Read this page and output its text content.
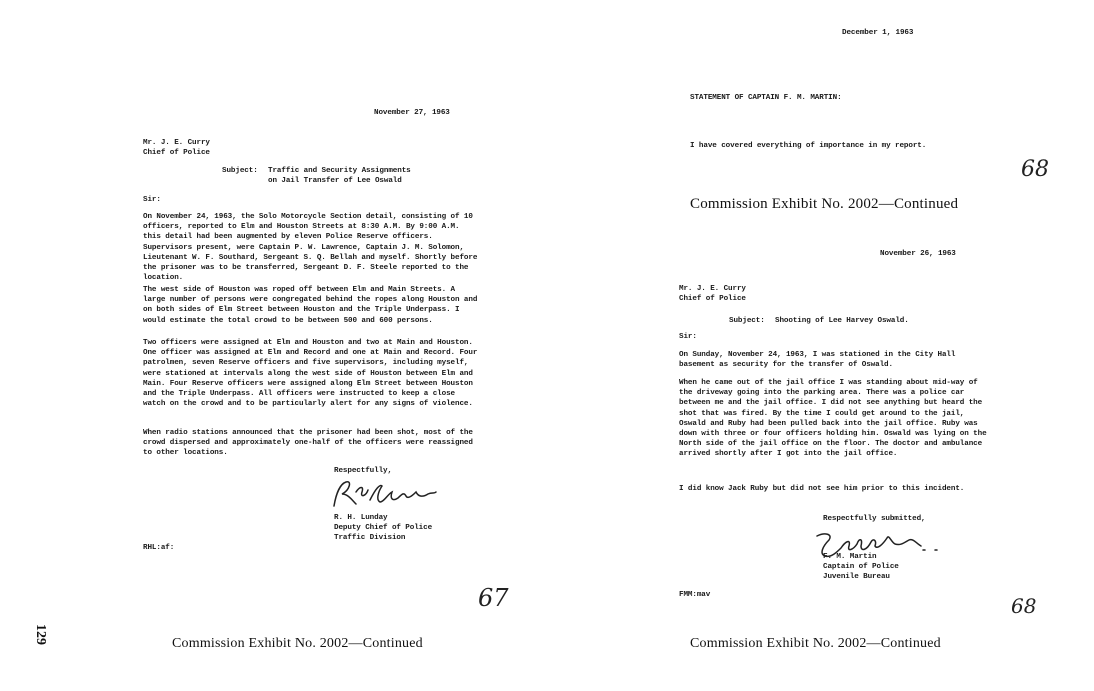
129
November 27, 1963
Mr. J. E. Curry
Chief of Police
Subject: Traffic and Security Assignments
on Jail Transfer of Lee Oswald
Sir:
On November 24, 1963, the Solo Motorcycle Section detail, consisting of 10 officers, reported to Elm and Houston Streets at 8:30 A.M. By 9:00 A.M. this detail had been augmented by eleven Police Reserve officers. Supervisors present, were Captain P. W. Lawrence, Captain J. M. Solomon, Lieutenant W. F. Southard, Sergeant S. Q. Bellah and myself. Shortly before the prisoner was to be transferred, Sergeant D. F. Steele reported to the location.
The west side of Houston was roped off between Elm and Main Streets. A large number of persons were congregated behind the ropes along Houston and on both sides of Elm Street between Houston and the Triple Underpass. I would estimate the total crowd to be between 500 and 600 persons.
Two officers were assigned at Elm and Houston and two at Main and Houston. One officer was assigned at Elm and Record and one at Main and Record. Four patrolmen, seven Reserve officers and five supervisors, including myself, were stationed at intervals along the west side of Houston between Elm and Main. Four Reserve officers were assigned along Elm Street between Houston and the Triple Underpass. All officers were instructed to keep a close watch on the crowd and to be particularly alert for any signs of violence.
When radio stations announced that the prisoner had been shot, most of the crowd dispersed and approximately one-half of the officers were reassigned to other locations.
Respectfully,
R. H. Lunday
Deputy Chief of Police
Traffic Division
RHL:af:
67
Commission Exhibit No. 2002—Continued
December 1, 1963
STATEMENT OF CAPTAIN F. M. MARTIN:
I have covered everything of importance in my report.
68
Commission Exhibit No. 2002—Continued
November 26, 1963
Mr. J. E. Curry
Chief of Police
Subject: Shooting of Lee Harvey Oswald.
Sir:
On Sunday, November 24, 1963, I was stationed in the City Hall basement as security for the transfer of Oswald.
When he came out of the jail office I was standing about mid-way of the driveway going into the parking area. There was a police car between me and the jail office. I did not see anything but heard the shot that was fired. By the time I could get around to the jail, Oswald and Ruby had been pulled back into the jail office. Ruby was down with three or four officers holding him. Oswald was lying on the North side of the jail office on the floor. The doctor and ambulance arrived shortly after I got into the jail office.
I did know Jack Ruby but did not see him prior to this incident.
Respectfully submitted,
F. M. Martin
Captain of Police
Juvenile Bureau
FMM:mav	68
Commission Exhibit No. 2002—Continued
